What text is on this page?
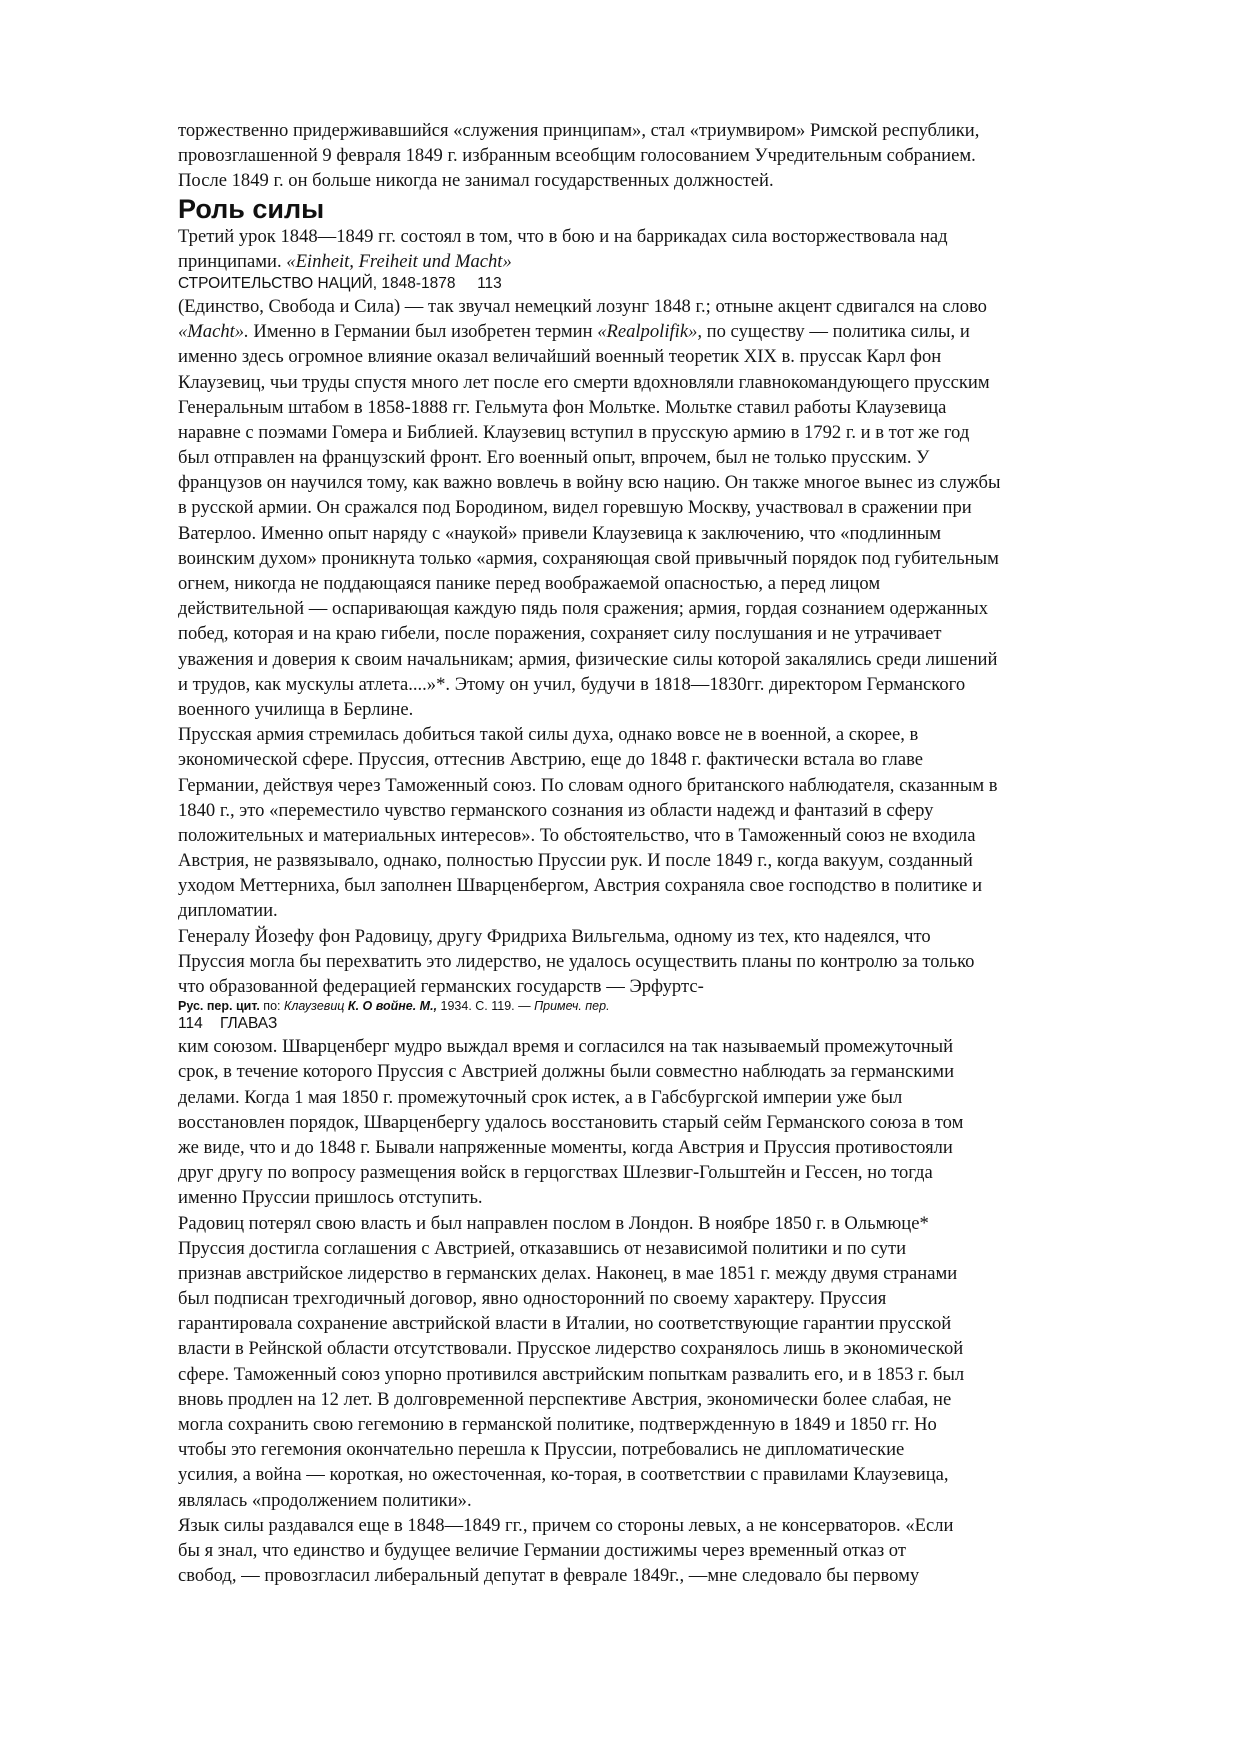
торжественно придерживавшийся «служения принципам», стал «триумвиром» Римской республики,
провозглашенной 9 февраля 1849 г. избранным всеобщим голосованием Учредительным собранием.
После 1849 г. он больше никогда не занимал государственных должностей.
Роль силы
Третий урок 1848—1849 гг. состоял в том, что в бою и на баррикадах сила восторжествовала над
принципами. «Einheit, Freiheit und Macht»
СТРОИТЕЛЬСТВО НАЦИЙ, 1848-1878 113
(Единство, Свобода и Сила) — так звучал немецкий лозунг 1848 г.; отныне акцент сдвигался на слово
«Macht». Именно в Германии был изобретен термин «Realpolifik», по существу — политика силы, и
именно здесь огромное влияние оказал величайший военный теоретик XIX в. пруссак Карл фон
Клаузевиц, чьи труды спустя много лет после его смерти вдохновляли главнокомандующего прусским
Генеральным штабом в 1858-1888 гг. Гельмута фон Мольтке. Мольтке ставил работы Клаузевица
наравне с поэмами Гомера и Библией. Клаузевиц вступил в прусскую армию в 1792 г. и в тот же год
был отправлен на французский фронт. Его военный опыт, впрочем, был не только прусским. У
французов он научился тому, как важно вовлечь в войну всю нацию. Он также многое вынес из службы
в русской армии. Он сражался под Бородином, видел горевшую Москву, участвовал в сражении при
Ватерлоо. Именно опыт наряду с «наукой» привели Клаузевица к заключению, что «подлинным
воинским духом» проникнута только «армия, сохраняющая свой привычный порядок под губительным
огнем, никогда не поддающаяся панике перед воображаемой опасностью, а перед лицом
действительной — оспаривающая каждую пядь поля сражения; армия, гордая сознанием одержанных
побед, которая и на краю гибели, после поражения, сохраняет силу послушания и не утрачивает
уважения и доверия к своим начальникам; армия, физические силы которой закалялись среди лишений
и трудов, как мускулы атлета....»*. Этому он учил, будучи в 1818—1830гг. директором Германского
военного училища в Берлине.
Прусская армия стремилась добиться такой силы духа, однако вовсе не в военной, а скорее, в
экономической сфере. Пруссия, оттеснив Австрию, еще до 1848 г. фактически встала во главе
Германии, действуя через Таможенный союз. По словам одного британского наблюдателя, сказанным в
1840 г., это «переместило чувство германского сознания из области надежд и фантазий в сферу
положительных и материальных интересов». То обстоятельство, что в Таможенный союз не входила
Австрия, не развязывало, однако, полностью Пруссии рук. И после 1849 г., когда вакуум, созданный
уходом Меттерниха, был заполнен Шварценбергом, Австрия сохраняла свое господство в политике и
дипломатии.
Генералу Йозефу фон Радовицу, другу Фридриха Вильгельма, одному из тех, кто надеялся, что
Пруссия могла бы перехватить это лидерство, не удалось осуществить планы по контролю за только
что образованной федерацией германских государств — Эрфуртс-
Рус. пер. цит. по: Клаузевиц К. О войне. М., 1934. С. 119. — Примеч. пер.
114 ГЛАВАЗ
ким союзом. Шварценберг мудро выждал время и согласился на так называемый промежуточный
срок, в течение которого Пруссия с Австрией должны были совместно наблюдать за германскими
делами. Когда 1 мая 1850 г. промежуточный срок истек, а в Габсбургской империи уже был
восстановлен порядок, Шварценбергу удалось восстановить старый сейм Германского союза в том
же виде, что и до 1848 г. Бывали напряженные моменты, когда Австрия и Пруссия противостояли
друг другу по вопросу размещения войск в герцогствах Шлезвиг-Гольштейн и Гессен, но тогда
именно Пруссии пришлось отступить.
Радовиц потерял свою власть и был направлен послом в Лондон. В ноябре 1850 г. в Ольмюце*
Пруссия достигла соглашения с Австрией, отказавшись от независимой политики и по сути
признав австрийское лидерство в германских делах. Наконец, в мае 1851 г. между двумя странами
был подписан трехгодичный договор, явно односторонний по своему характеру. Пруссия
гарантировала сохранение австрийской власти в Италии, но соответствующие гарантии прусской
власти в Рейнской области отсутствовали. Прусское лидерство сохранялось лишь в экономической
сфере. Таможенный союз упорно противился австрийским попыткам развалить его, и в 1853 г. был
вновь продлен на 12 лет. В долговременной перспективе Австрия, экономически более слабая, не
могла сохранить свою гегемонию в германской политике, подтвержденную в 1849 и 1850 гг. Но
чтобы это гегемония окончательно перешла к Пруссии, потребовались не дипломатические
усилия, а война — короткая, но ожесточенная, ко-торая, в соответствии с правилами Клаузевица,
являлась «продолжением политики».
Язык силы раздавался еще в 1848—1849 гг., причем со стороны левых, а не консерваторов. «Если
бы я знал, что единство и будущее величие Германии достижимы через временный отказ от
свобод, — провозгласил либеральный депутат в феврале 1849г., —мне следовало бы первому
